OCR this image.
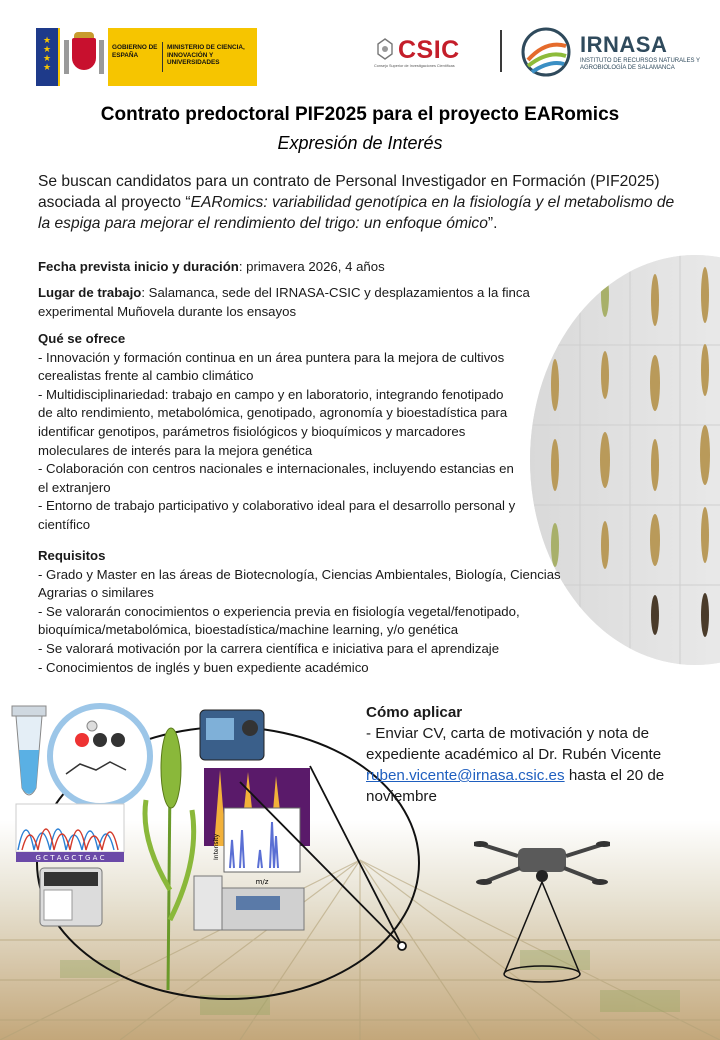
★
★
★
★
GOBIERNO DE ESPAÑA
MINISTERIO DE CIENCIA, INNOVACIÓN Y UNIVERSIDADES	CSIC
Consejo Superior de Investigaciones Científicas
IRNASA
INSTITUTO DE RECURSOS NATURALES Y AGROBIOLOGÍA DE SALAMANCA
Contrato predoctoral PIF2025 para el proyecto EARomics
Expresión de Interés
Se buscan candidatos para un contrato de Personal Investigador en Formación (PIF2025) asociada al proyecto “EARomics: variabilidad genotípica en la fisiología y el metabolismo de la espiga para mejorar el rendimiento del trigo: un enfoque ómico”.
Fecha prevista inicio y duración: primavera 2026, 4 años
Lugar de trabajo: Salamanca, sede del IRNASA-CSIC y desplazamientos a la finca experimental Muñovela durante los ensayos
Qué se ofrece
- Innovación y formación continua en un área puntera para la mejora de cultivos cerealistas frente al cambio climático
- Multidisciplinariedad: trabajo en campo y en laboratorio, integrando fenotipado de alto rendimiento, metabolómica, genotipado, agronomía y bioestadística para identificar genotipos, parámetros fisiológicos y bioquímicos y marcadores moleculares de interés para la mejora genética
- Colaboración con centros nacionales e internacionales, incluyendo estancias en el extranjero
- Entorno de trabajo participativo y colaborativo ideal para el desarrollo personal y científico
Requisitos
- Grado y Master en las áreas de Biotecnología, Ciencias Ambientales, Biología, Ciencias Agrarias o similares
- Se valorarán conocimientos o experiencia previa en fisiología vegetal/fenotipado, bioquímica/metabolómica, bioestadística/machine learning, y/o genética
- Se valorará motivación por la carrera científica e iniciativa para el aprendizaje
- Conocimientos de inglés y buen expediente académico
G C T A G C T G A C
m/z
Intensity
Cómo aplicar
- Enviar CV, carta de motivación y nota de expediente académico al Dr. Rubén Vicente ruben.vicente@irnasa.csic.es hasta el 20 de noviembre
